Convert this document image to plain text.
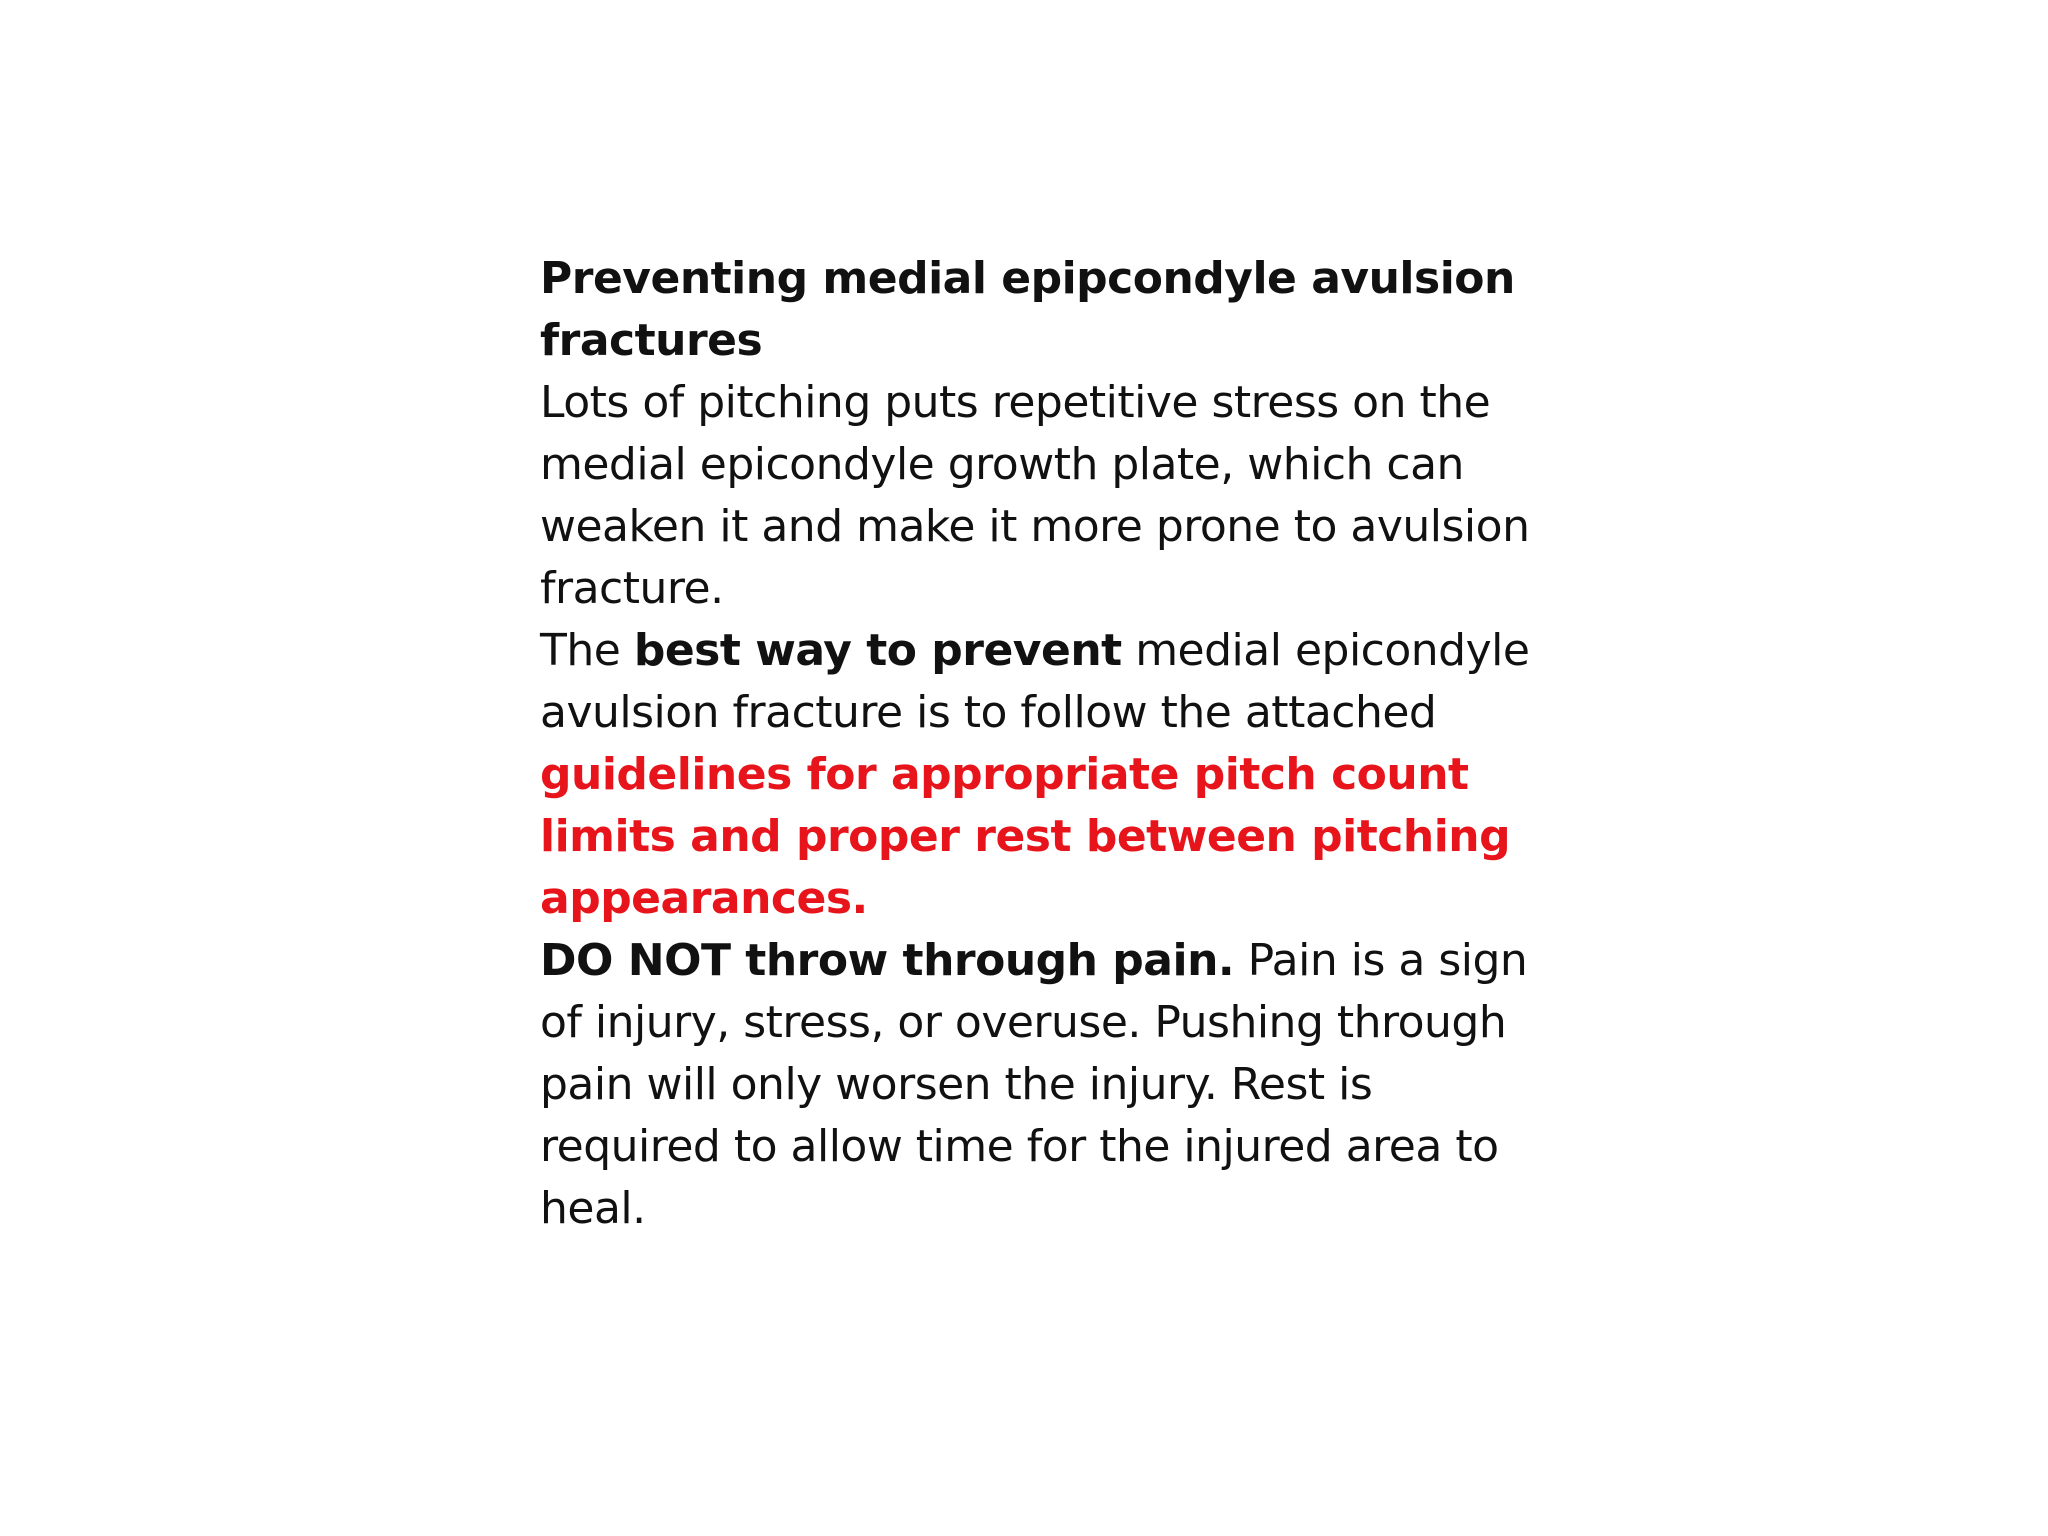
Preventing medial epipcondyle avulsion fractures

Lots of pitching puts repetitive stress on the medial epicondyle growth plate, which can weaken it and make it more prone to avulsion fracture.

The best way to prevent medial epicondyle avulsion fracture is to follow the attached guidelines for appropriate pitch count limits and proper rest between pitching appearances.

DO NOT throw through pain. Pain is a sign of injury, stress, or overuse. Pushing through pain will only worsen the injury. Rest is required to allow time for the injured area to heal.
